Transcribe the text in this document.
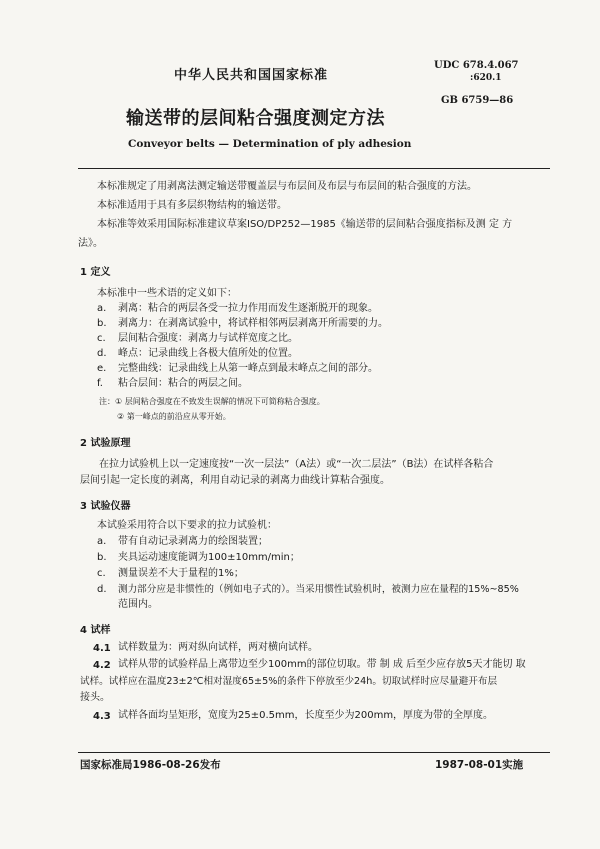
中华人民共和国国家标准
UDC 678.4.067
:620.1
GB 6759—86
输送带的层间粘合强度测定方法
Conveyor belts — Determination of ply adhesion
本标准规定了用剥离法测定输送带覆盖层与布层间及布层与布层间的粘合强度的方法。
本标准适用于具有多层织物结构的输送带。
本标准等效采用国际标准建议草案ISO/DP252—1985《输送带的层间粘合强度指标及测 定 方
法》。
1 定义
本标准中一些术语的定义如下：
a. 剥离：粘合的两层各受一拉力作用而发生逐渐脱开的现象。
b. 剥离力：在剥离试验中，将试样相邻两层剥离开所需要的力。
c. 层间粘合强度：剥离力与试样宽度之比。
d. 峰点：记录曲线上各极大值所处的位置。
e. 完整曲线：记录曲线上从第一峰点到最末峰点之间的部分。
f. 粘合层间：粘合的两层之间。
注：① 层间粘合强度在不致发生误解的情况下可简称粘合强度。
② 第一峰点的前沿应从零开始。
2 试验原理
在拉力试验机上以一定速度按“一次一层法”（A法）或“一次二层法”（B法）在试样各粘合
层间引起一定长度的剥离，利用自动记录的剥离力曲线计算粘合强度。
3 试验仪器
本试验采用符合以下要求的拉力试验机：
a. 带有自动记录剥离力的绘图装置；
b. 夹具运动速度能调为100±10mm/min；
c. 测量误差不大于量程的1%；
d. 测力部分应是非惯性的（例如电子式的）。当采用惯性试验机时，被测力应在量程的15%~85%
范围内。
4 试样
4.1 试样数量为：两对纵向试样，两对横向试样。
4.2 试样从带的试验样品上离带边至少100mm的部位切取。带 制 成 后至少应存放5天才能切 取
试样。试样应在温度23±2℃相对湿度65±5%的条件下停放至少24h。切取试样时应尽量避开布层
接头。
4.3 试样各面均呈矩形，宽度为25±0.5mm，长度至少为200mm，厚度为带的全厚度。
国家标准局1986-08-26发布	1987-08-01实施
